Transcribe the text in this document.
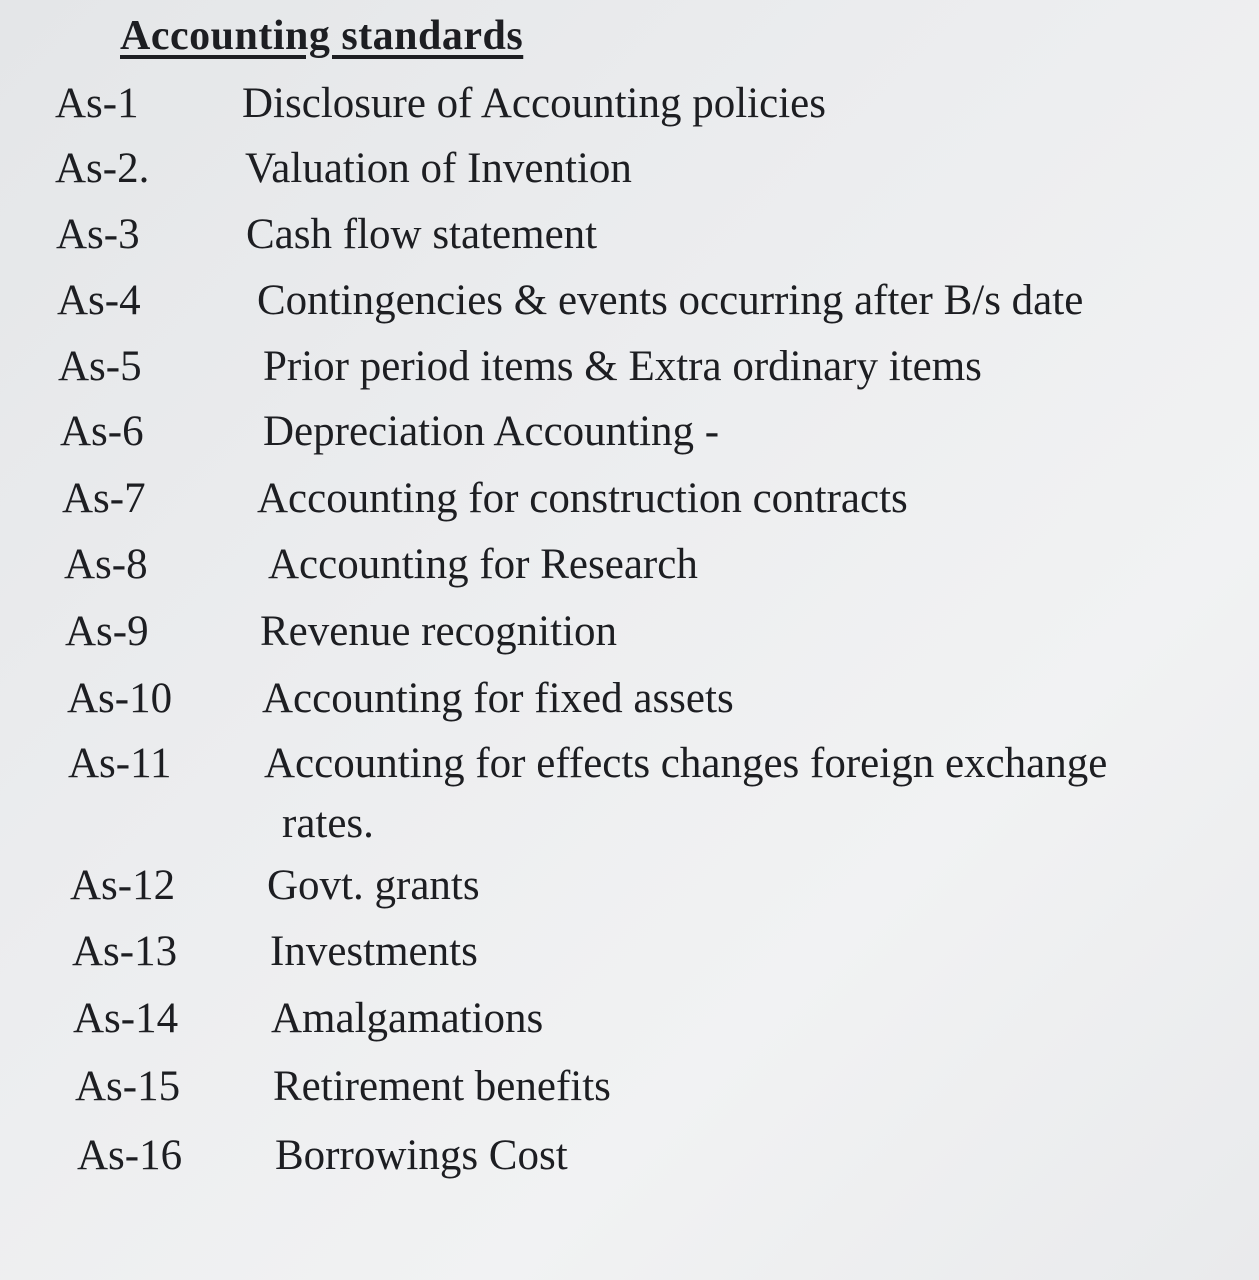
Accounting standards
As-1 Disclosure of Accounting policies
As-2. Valuation of Invention
As-3 Cash flow statement
As-4	Contingencies & events occurring after B/s date
As-5	Prior period items & Extra ordinary items
As-6	Depreciation Accounting -
As-7	Accounting for construction contracts
As-8	Accounting for Research
As-9	Revenue recognition
As-10 Accounting for fixed assets
As-11 Accounting for effects changes foreign exchange
rates.
As-12 Govt. grants
As-13 Investments
As-14 Amalgamations
As-15 Retirement benefits
As-16 Borrowings Cost
